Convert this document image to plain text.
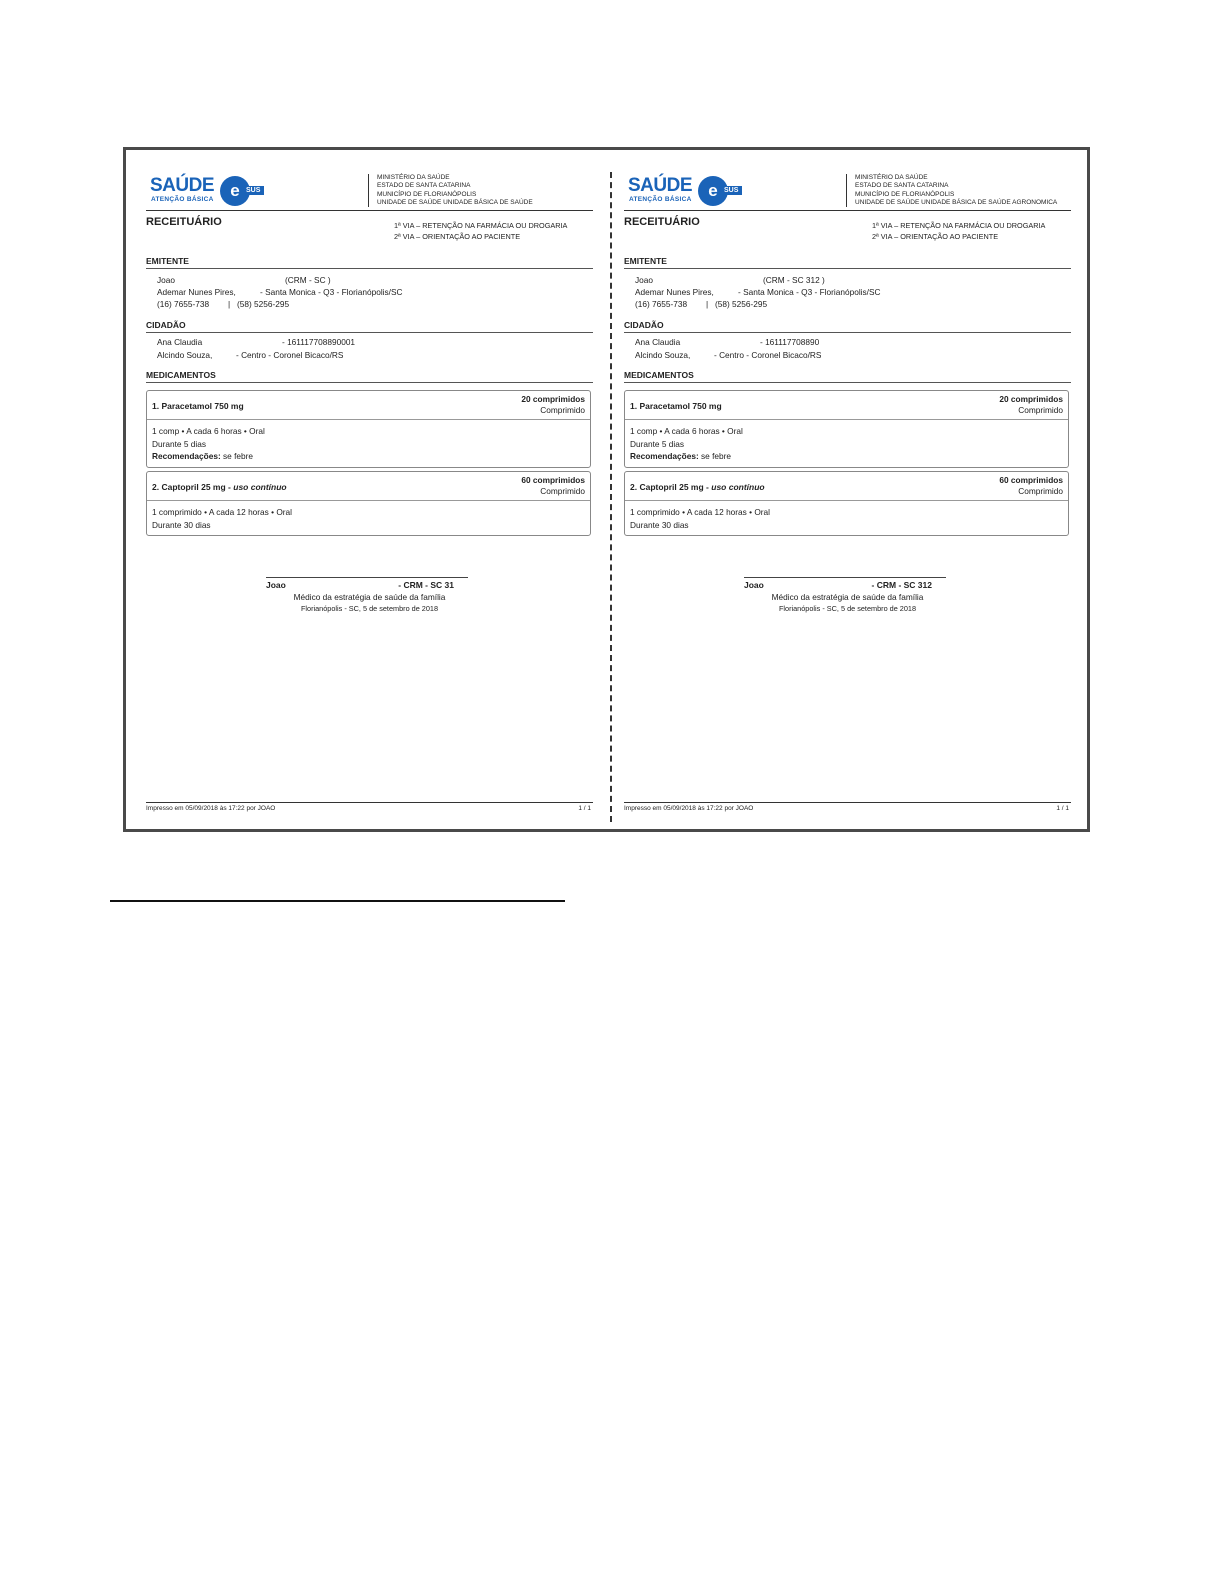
SAÚDE
ATENÇÃO BÁSICA e SUS
MINISTÉRIO DA SAÚDE
ESTADO DE SANTA CATARINA
MUNICÍPIO DE FLORIANÓPOLIS
UNIDADE DE SAÚDE UNIDADE BÁSICA DE SAÚDE
RECEITUÁRIO	1ª VIA – RETENÇÃO NA FARMÁCIA OU DROGARIA
2ª VIA – ORIENTAÇÃO AO PACIENTE
EMITENTE
Joao	(CRM - SC )
Ademar Nunes Pires,	- Santa Monica - Q3 - Florianópolis/SC
(16) 7655-738 | (58) 5256-295
CIDADÃO
Ana Claudia	- 161117708890001
Alcindo Souza,	- Centro - Coronel Bicaco/RS
MEDICAMENTOS
1. Paracetamol 750 mg
20 comprimidos
Comprimido
1 comp • A cada 6 horas • Oral
Durante 5 dias
Recomendações: se febre
2. Captopril 25 mg - uso contínuo
60 comprimidos
Comprimido
1 comprimido • A cada 12 horas • Oral
Durante 30 dias
Joao	- CRM - SC 31
Médico da estratégia de saúde da família
Florianópolis - SC, 5 de setembro de 2018
Impresso em 05/09/2018 às 17:22 por JOAO	1 / 1
SAÚDE
ATENÇÃO BÁSICA e SUS
MINISTÉRIO DA SAÚDE
ESTADO DE SANTA CATARINA
MUNICÍPIO DE FLORIANÓPOLIS
UNIDADE DE SAÚDE UNIDADE BÁSICA DE SAÚDE AGRONOMICA
RECEITUÁRIO	1ª VIA – RETENÇÃO NA FARMÁCIA OU DROGARIA
2ª VIA – ORIENTAÇÃO AO PACIENTE
EMITENTE
Joao	(CRM - SC 312 )
Ademar Nunes Pires,	- Santa Monica - Q3 - Florianópolis/SC
(16) 7655-738 | (58) 5256-295
CIDADÃO
Ana Claudia	- 161117708890
Alcindo Souza,	- Centro - Coronel Bicaco/RS
MEDICAMENTOS
1. Paracetamol 750 mg
20 comprimidos
Comprimido
1 comp • A cada 6 horas • Oral
Durante 5 dias
Recomendações: se febre
2. Captopril 25 mg - uso contínuo
60 comprimidos
Comprimido
1 comprimido • A cada 12 horas • Oral
Durante 30 dias
Joao	- CRM - SC 312
Médico da estratégia de saúde da família
Florianópolis - SC, 5 de setembro de 2018
Impresso em 05/09/2018 às 17:22 por JOAO	1 / 1
